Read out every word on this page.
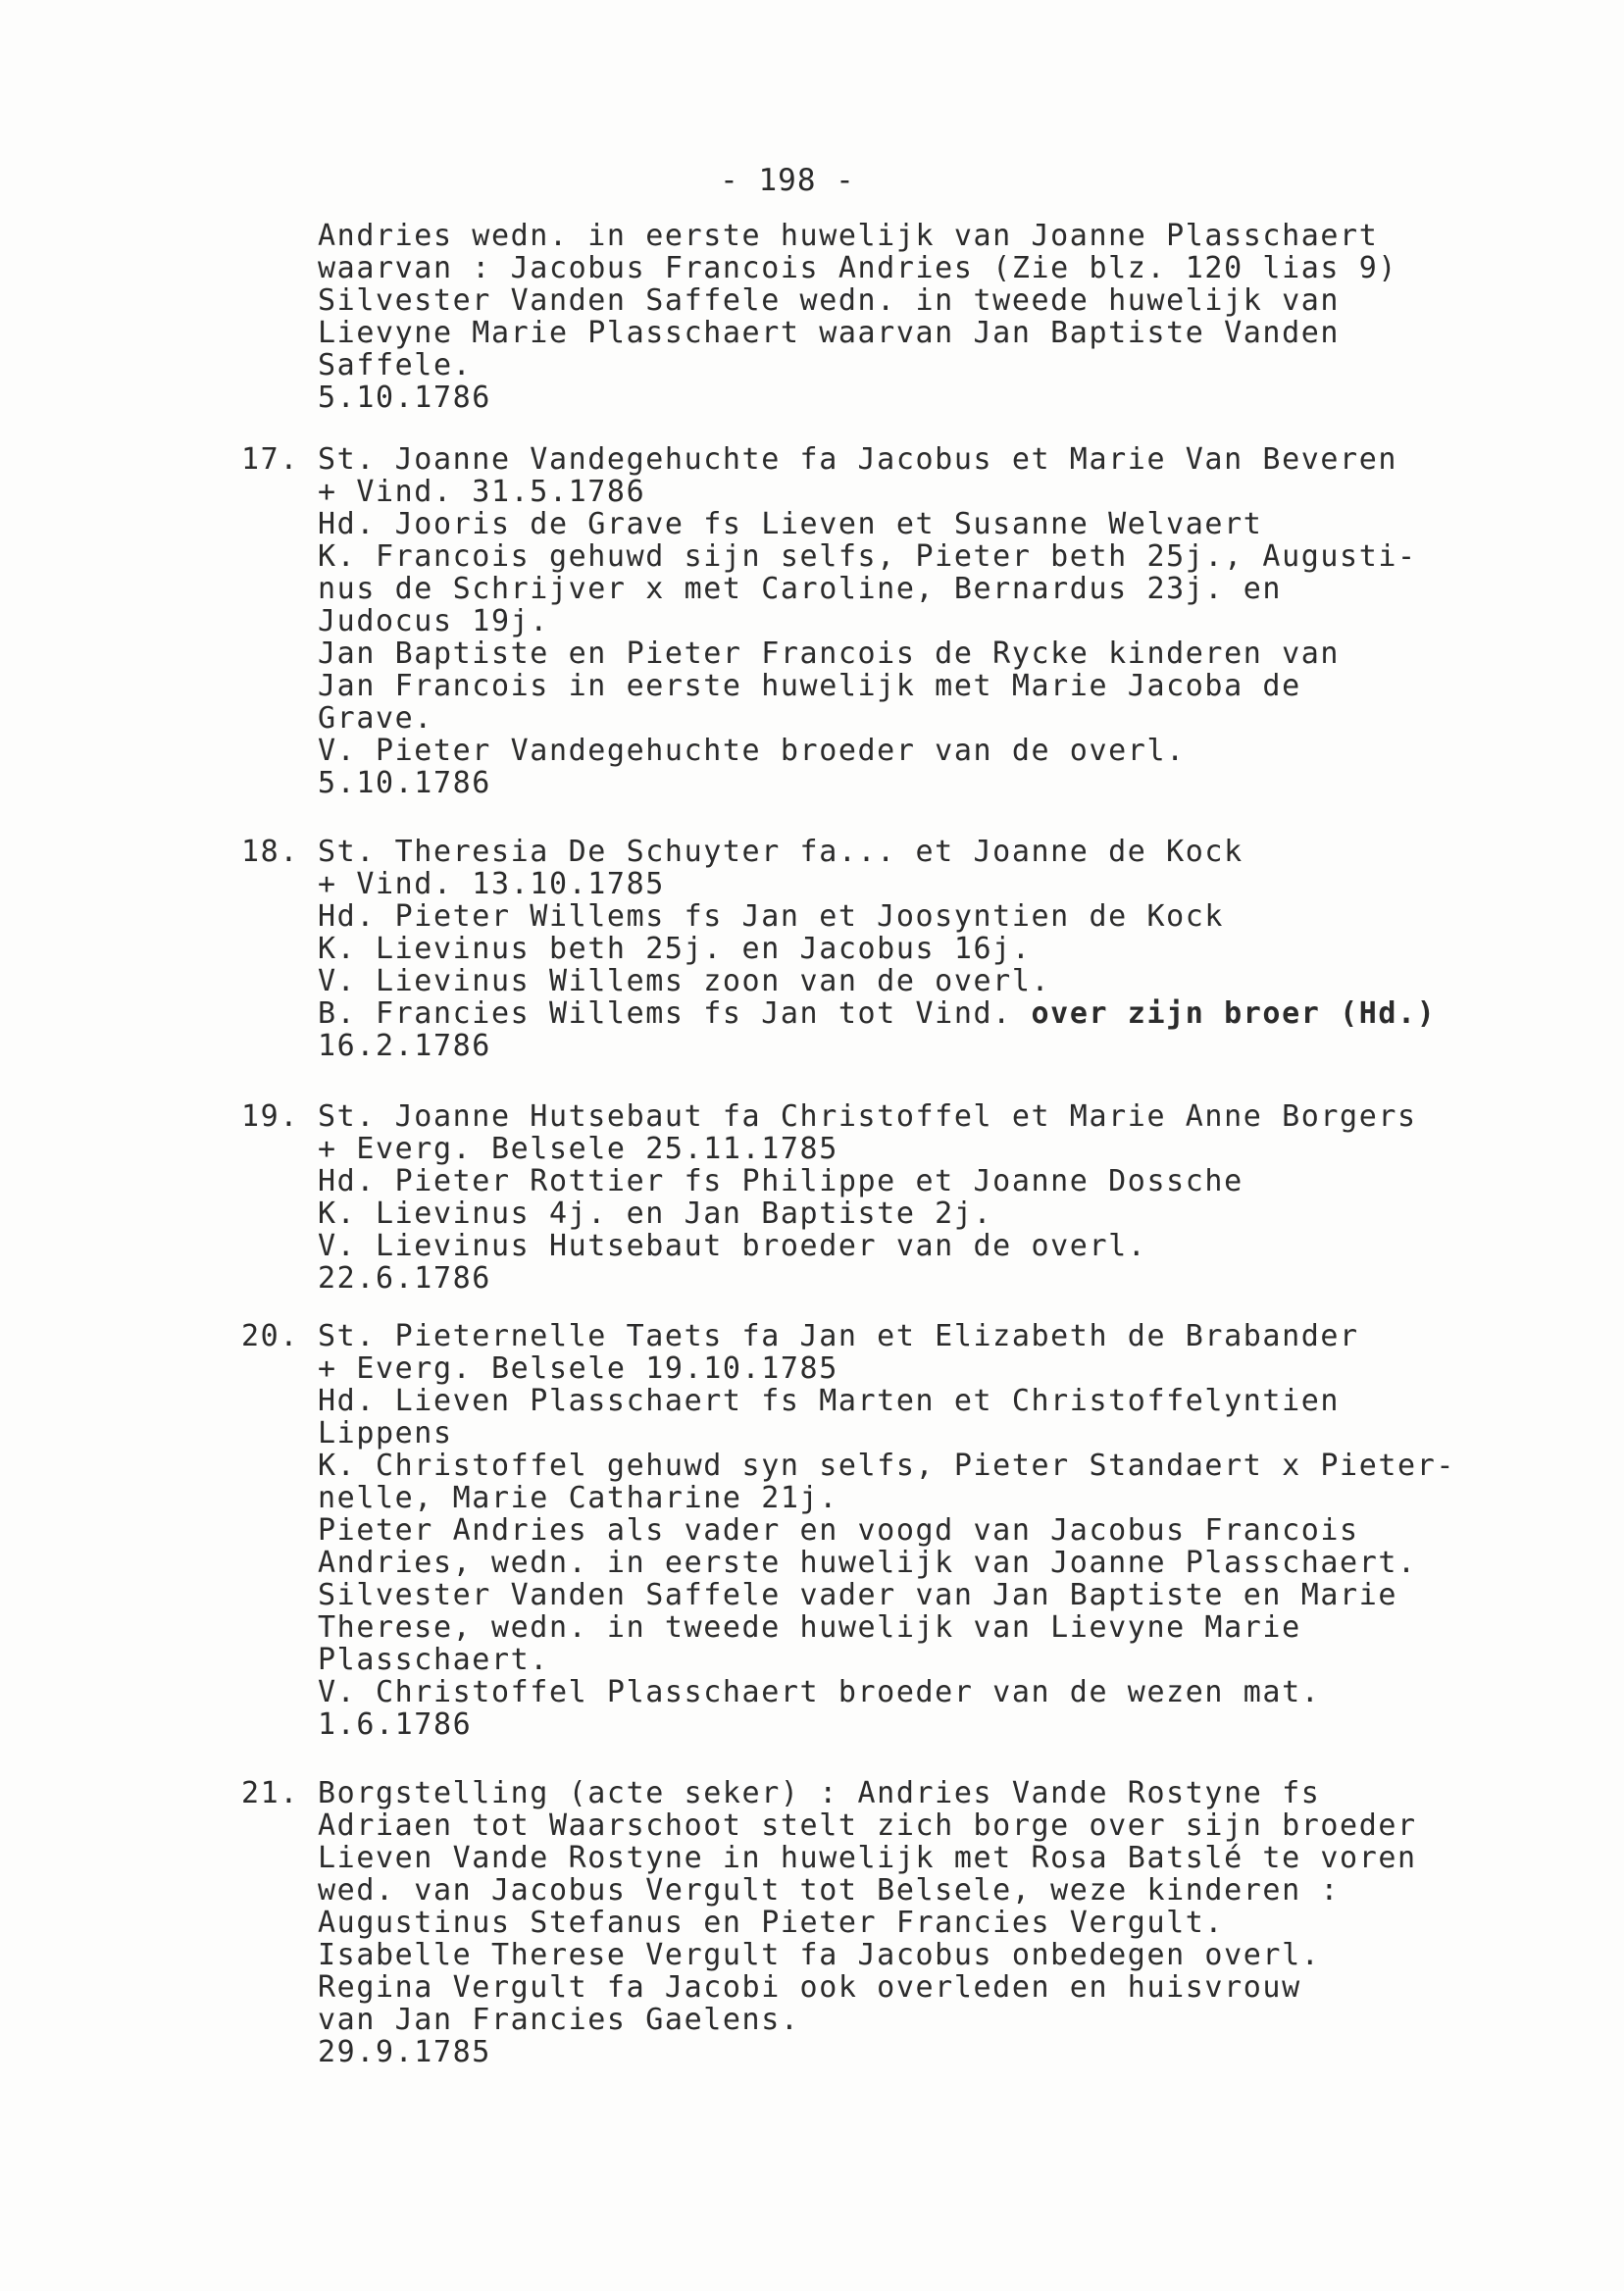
- 198 -
Andries wedn. in eerste huwelijk van Joanne Plasschaert
waarvan : Jacobus Francois Andries (Zie blz. 120 lias 9)
Silvester Vanden Saffele wedn. in tweede huwelijk van
Lievyne Marie Plasschaert waarvan Jan Baptiste Vanden
Saffele.
5.10.1786
17. St. Joanne Vandegehuchte fa Jacobus et Marie Van Beveren
+ Vind. 31.5.1786
Hd. Jooris de Grave fs Lieven et Susanne Welvaert
K. Francois gehuwd sijn selfs, Pieter beth 25j., Augusti-
nus de Schrijver x met Caroline, Bernardus 23j. en
Judocus 19j.
Jan Baptiste en Pieter Francois de Rycke kinderen van
Jan Francois in eerste huwelijk met Marie Jacoba de
Grave.
V. Pieter Vandegehuchte broeder van de overl.
5.10.1786
18. St. Theresia De Schuyter fa... et Joanne de Kock
+ Vind. 13.10.1785
Hd. Pieter Willems fs Jan et Joosyntien de Kock
K. Lievinus beth 25j. en Jacobus 16j.
V. Lievinus Willems zoon van de overl.
B. Francies Willems fs Jan tot Vind. over zijn broer (Hd.)
16.2.1786
19. St. Joanne Hutsebaut fa Christoffel et Marie Anne Borgers
+ Everg. Belsele 25.11.1785
Hd. Pieter Rottier fs Philippe et Joanne Dossche
K. Lievinus 4j. en Jan Baptiste 2j.
V. Lievinus Hutsebaut broeder van de overl.
22.6.1786
20. St. Pieternelle Taets fa Jan et Elizabeth de Brabander
+ Everg. Belsele 19.10.1785
Hd. Lieven Plasschaert fs Marten et Christoffelyntien
Lippens
K. Christoffel gehuwd syn selfs, Pieter Standaert x Pieter-
nelle, Marie Catharine 21j.
Pieter Andries als vader en voogd van Jacobus Francois
Andries, wedn. in eerste huwelijk van Joanne Plasschaert.
Silvester Vanden Saffele vader van Jan Baptiste en Marie
Therese, wedn. in tweede huwelijk van Lievyne Marie
Plasschaert.
V. Christoffel Plasschaert broeder van de wezen mat.
1.6.1786
21. Borgstelling (acte seker) : Andries Vande Rostyne fs
Adriaen tot Waarschoot stelt zich borge over sijn broeder
Lieven Vande Rostyne in huwelijk met Rosa Batslé te voren
wed. van Jacobus Vergult tot Belsele, weze kinderen :
Augustinus Stefanus en Pieter Francies Vergult.
Isabelle Therese Vergult fa Jacobus onbedegen overl.
Regina Vergult fa Jacobi ook overleden en huisvrouw
van Jan Francies Gaelens.
29.9.1785
